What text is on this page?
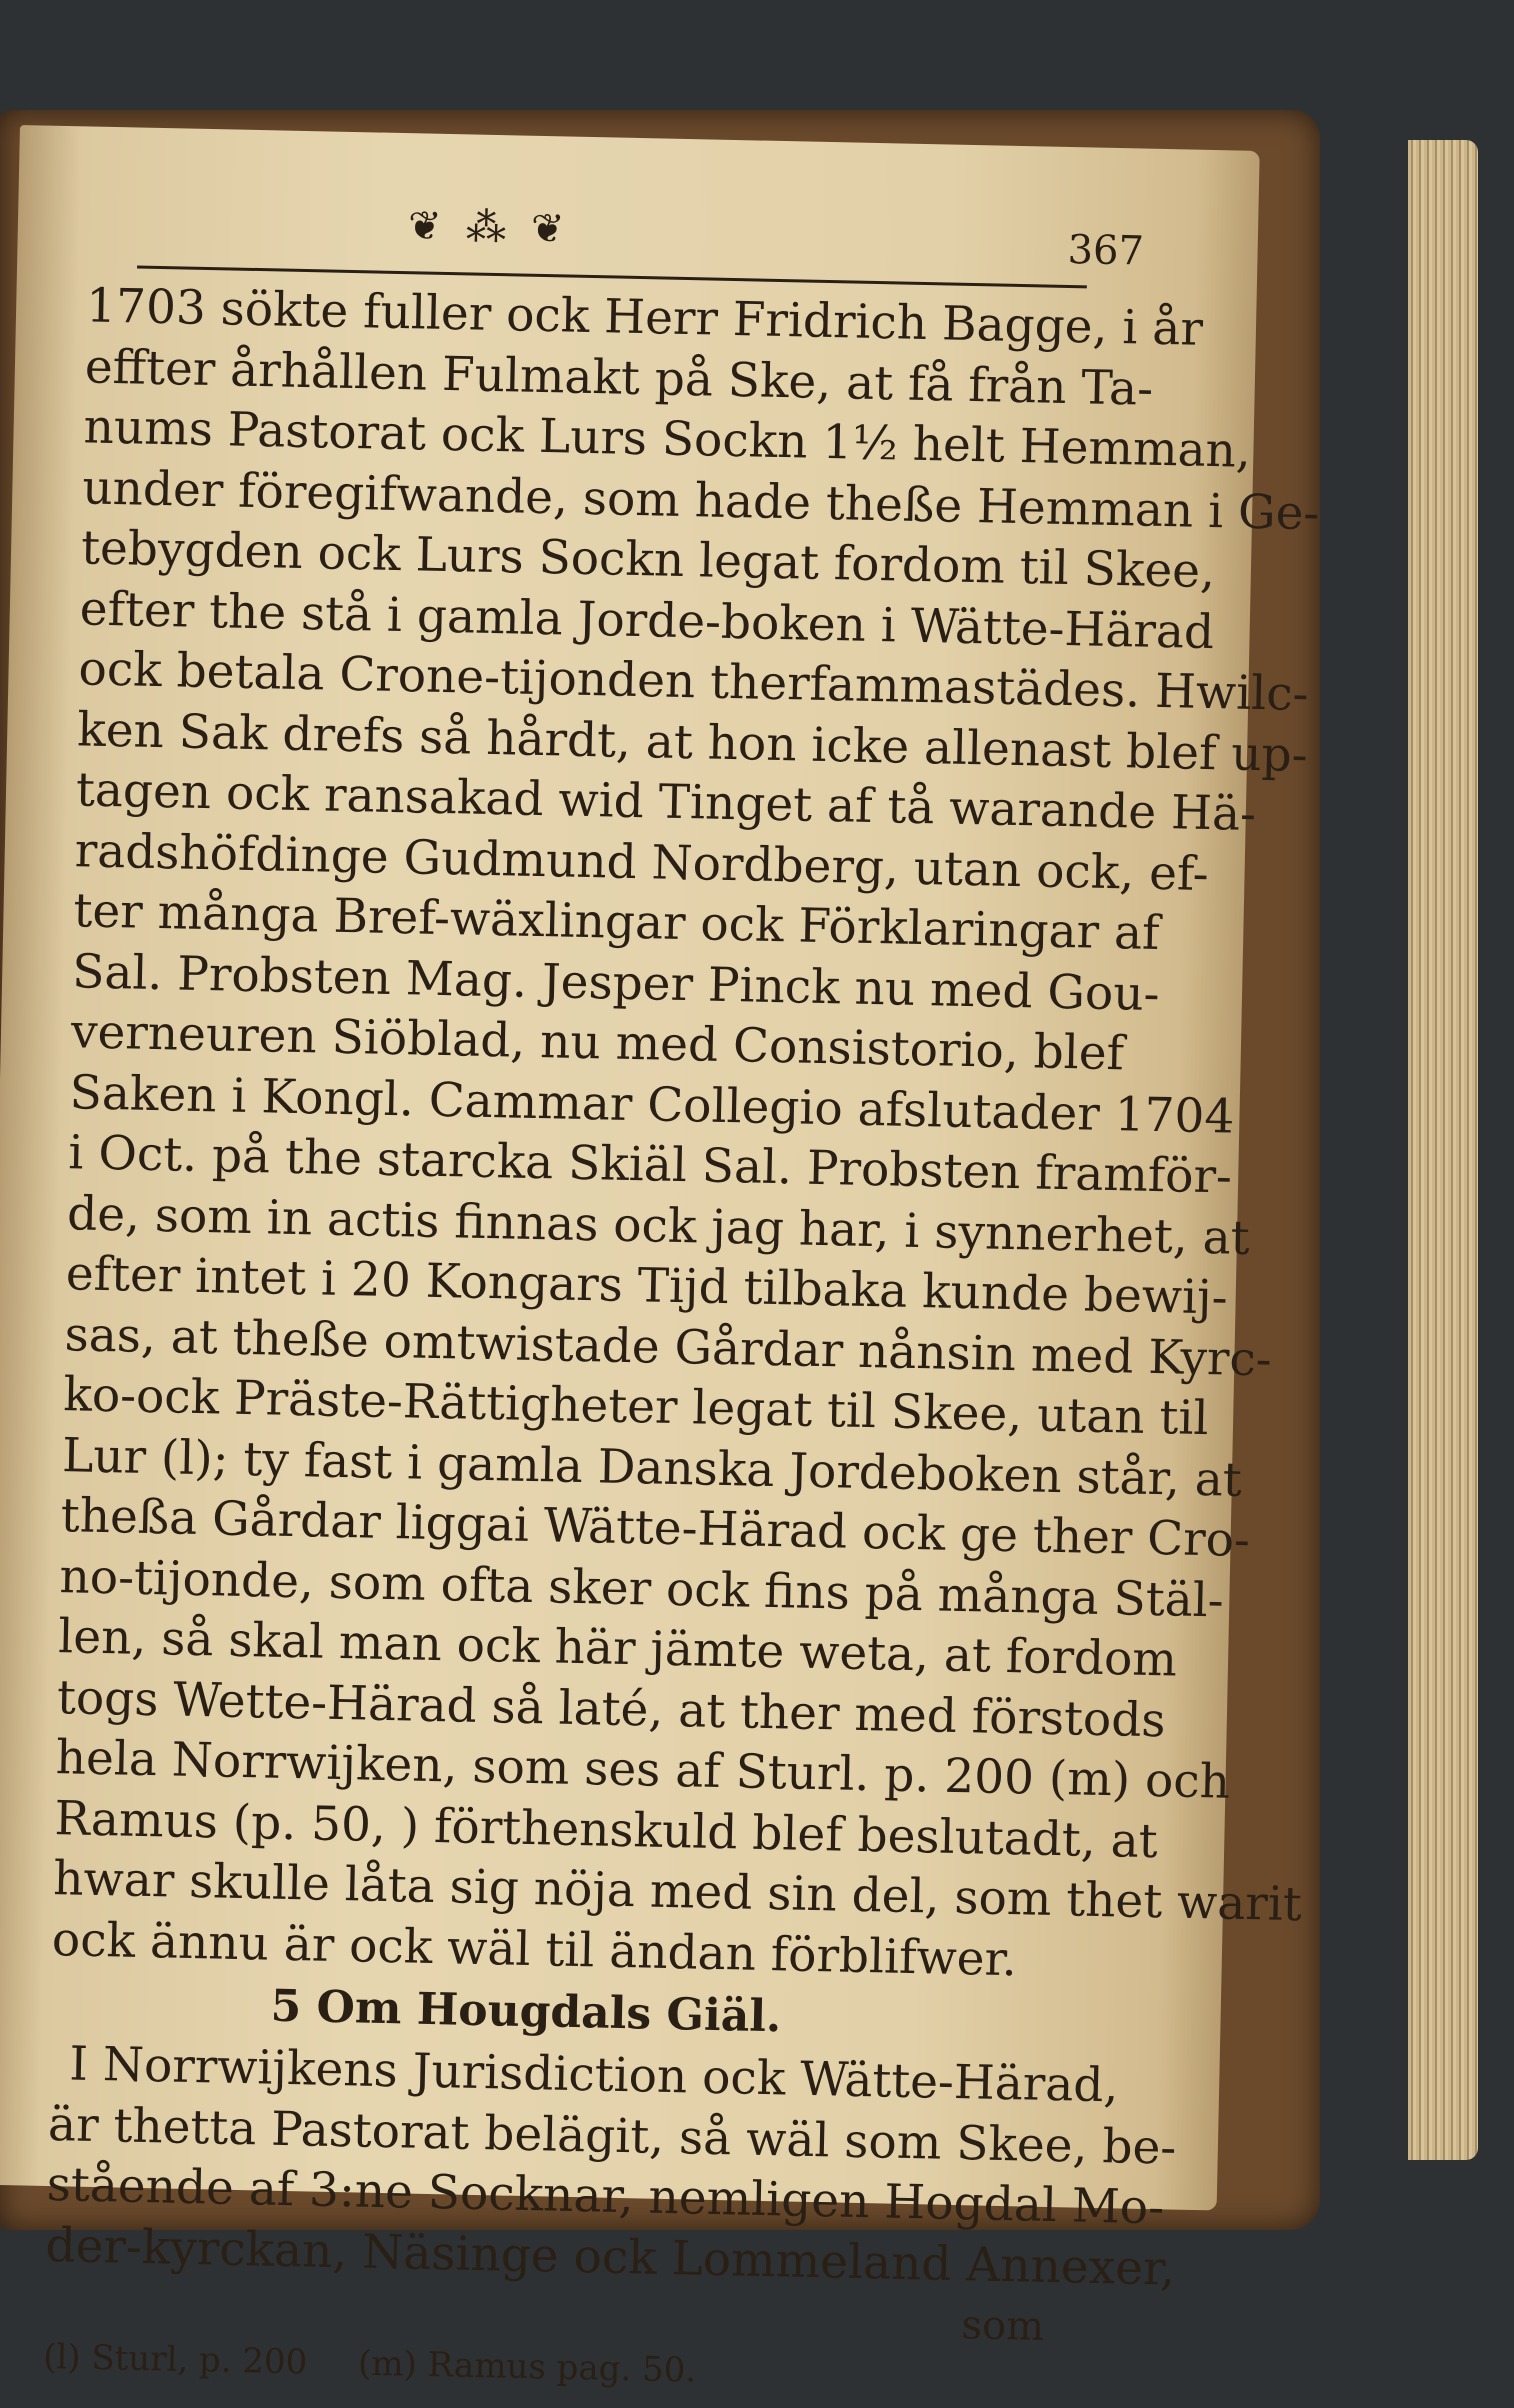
❦ ⁂ ❦	367
1703 sökte fuller ock Herr Fridrich Bagge, i år
effter århållen Fulmakt på Ske, at få från Ta-
nums Pastorat ock Lurs Sockn 1½ helt Hemman,
under föregifwande, som hade theße Hemman i Ge-
tebygden ock Lurs Sockn legat fordom til Skee,
efter the stå i gamla Jorde-boken i Wätte-Härad
ock betala Crone-tijonden therfammastädes. Hwilc-
ken Sak drefs så hårdt, at hon icke allenast blef up-
tagen ock ransakad wid Tinget af tå warande Hä-
radshöfdinge Gudmund Nordberg, utan ock, ef-
ter många Bref-wäxlingar ock Förklaringar af
Sal. Probsten Mag. Jesper Pinck nu med Gou-
verneuren Siöblad, nu med Consistorio, blef
Saken i Kongl. Cammar Collegio afslutader 1704
i Oct. på the starcka Skiäl Sal. Probsten framför-
de, som in actis finnas ock jag har, i synnerhet, at
efter intet i 20 Kongars Tijd tilbaka kunde bewij-
sas, at theße omtwistade Gårdar nånsin med Kyrc-
ko-ock Präste-Rättigheter legat til Skee, utan til
Lur (l); ty fast i gamla Danska Jordeboken står, at
theßa Gårdar liggai Wätte-Härad ock ge ther Cro-
no-tijonde, som ofta sker ock fins på många Stäl-
len, så skal man ock här jämte weta, at fordom
togs Wette-Härad så laté, at ther med förstods
hela Norrwijken, som ses af Sturl. p. 200 (m) och
Ramus (p. 50, ) förthenskuld blef beslutadt, at
hwar skulle låta sig nöja med sin del, som thet warit
ock ännu är ock wäl til ändan förblifwer.
5 Om Hougdals Giäl.
I Norrwijkens Jurisdiction ock Wätte-Härad,
är thetta Pastorat belägit, så wäl som Skee, be-
stående af 3:ne Socknar, nemligen Hogdal Mo-
der-kyrckan, Näsinge ock Lommeland Annexer,
som
(l) Sturl, p. 200 (m) Ramus pag. 50.
